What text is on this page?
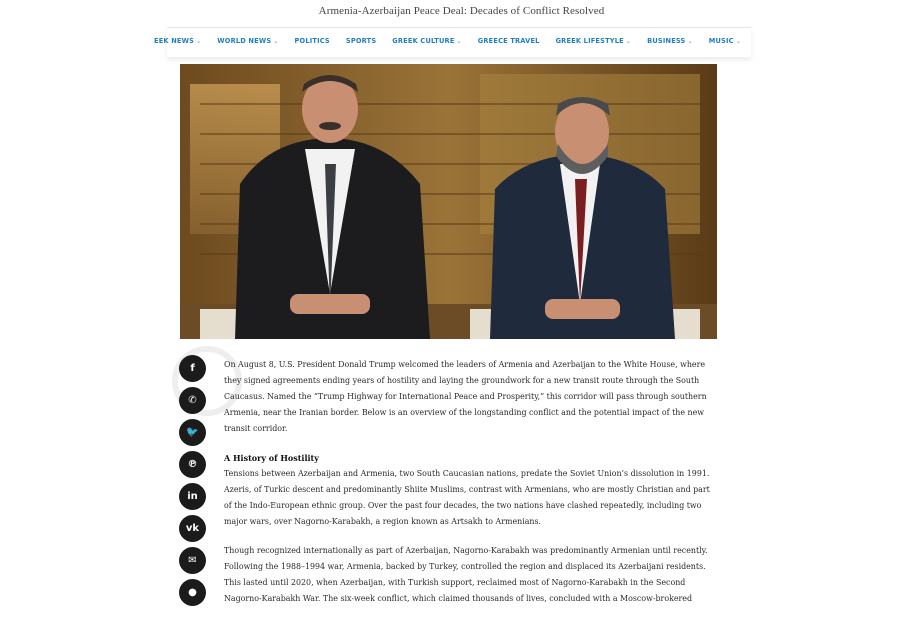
Armenia-Azerbaijan Peace Deal: Decades of Conflict Resolved
EEK NEWS ⌄ WORLD NEWS ⌄ POLITICS SPORTS GREEK CULTURE ⌄ GREECE TRAVEL GREEK LIFESTYLE ⌄ BUSINESS ⌄ MUSIC ⌄
f
✆
🐦
℗
in
vk
✉
●

On August 8, U.S. President Donald Trump welcomed the leaders of Armenia and Azerbaijan to the White House, where they signed agreements ending years of hostility and laying the groundwork for a new transit route through the South Caucasus. Named the “Trump Highway for International Peace and Prosperity,” this corridor will pass through southern Armenia, near the Iranian border. Below is an overview of the longstanding conflict and the potential impact of the new transit corridor.

A History of Hostility

Tensions between Azerbaijan and Armenia, two South Caucasian nations, predate the Soviet Union’s dissolution in 1991. Azeris, of Turkic descent and predominantly Shiite Muslims, contrast with Armenians, who are mostly Christian and part of the Indo-European ethnic group. Over the past four decades, the two nations have clashed repeatedly, including two major wars, over Nagorno-Karabakh, a region known as Artsakh to Armenians.

Though recognized internationally as part of Azerbaijan, Nagorno-Karabakh was predominantly Armenian until recently. Following the 1988–1994 war, Armenia, backed by Turkey, controlled the region and displaced its Azerbaijani residents. This lasted until 2020, when Azerbaijan, with Turkish support, reclaimed most of Nagorno-Karabakh in the Second Nagorno-Karabakh War. The six-week conflict, which claimed thousands of lives, concluded with a Moscow-brokered
